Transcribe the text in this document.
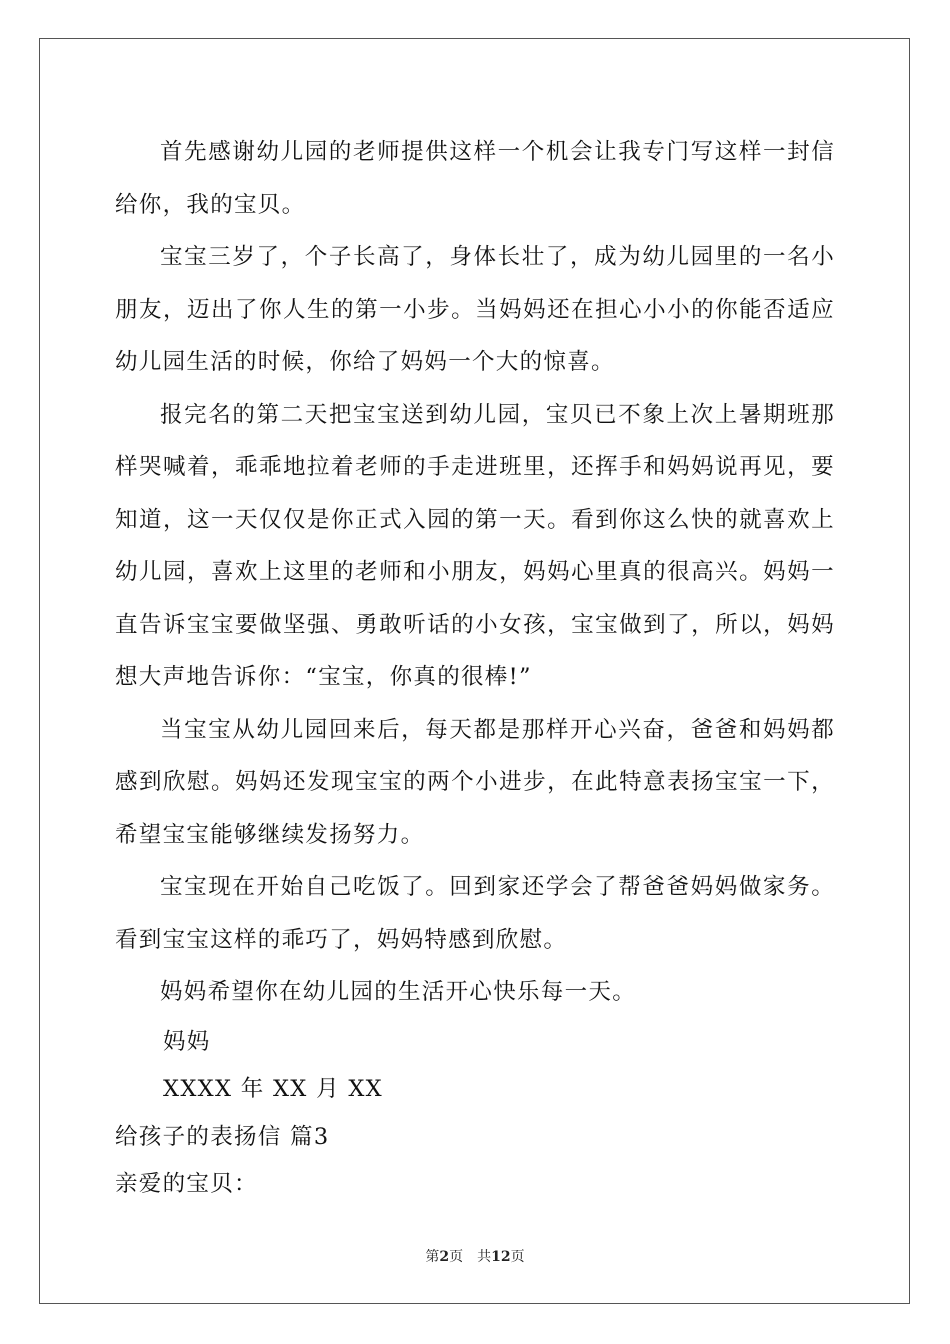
首先感谢幼儿园的老师提供这样一个机会让我专门写这样一封信给你，我的宝贝。

宝宝三岁了，个子长高了，身体长壮了，成为幼儿园里的一名小朋友，迈出了你人生的第一小步。当妈妈还在担心小小的你能否适应幼儿园生活的时候，你给了妈妈一个大的惊喜。

报完名的第二天把宝宝送到幼儿园，宝贝已不象上次上暑期班那样哭喊着，乖乖地拉着老师的手走进班里，还挥手和妈妈说再见，要知道，这一天仅仅是你正式入园的第一天。看到你这么快的就喜欢上幼儿园，喜欢上这里的老师和小朋友，妈妈心里真的很高兴。妈妈一直告诉宝宝要做坚强、勇敢听话的小女孩，宝宝做到了，所以，妈妈想大声地告诉你：“宝宝，你真的很棒!”

当宝宝从幼儿园回来后，每天都是那样开心兴奋，爸爸和妈妈都感到欣慰。妈妈还发现宝宝的两个小进步，在此特意表扬宝宝一下，希望宝宝能够继续发扬努力。

宝宝现在开始自己吃饭了。回到家还学会了帮爸爸妈妈做家务。看到宝宝这样的乖巧了，妈妈特感到欣慰。

妈妈希望你在幼儿园的生活开心快乐每一天。

妈妈

XXXX 年 XX 月 XX

给孩子的表扬信 篇3

亲爱的宝贝：

第2页　共12页
